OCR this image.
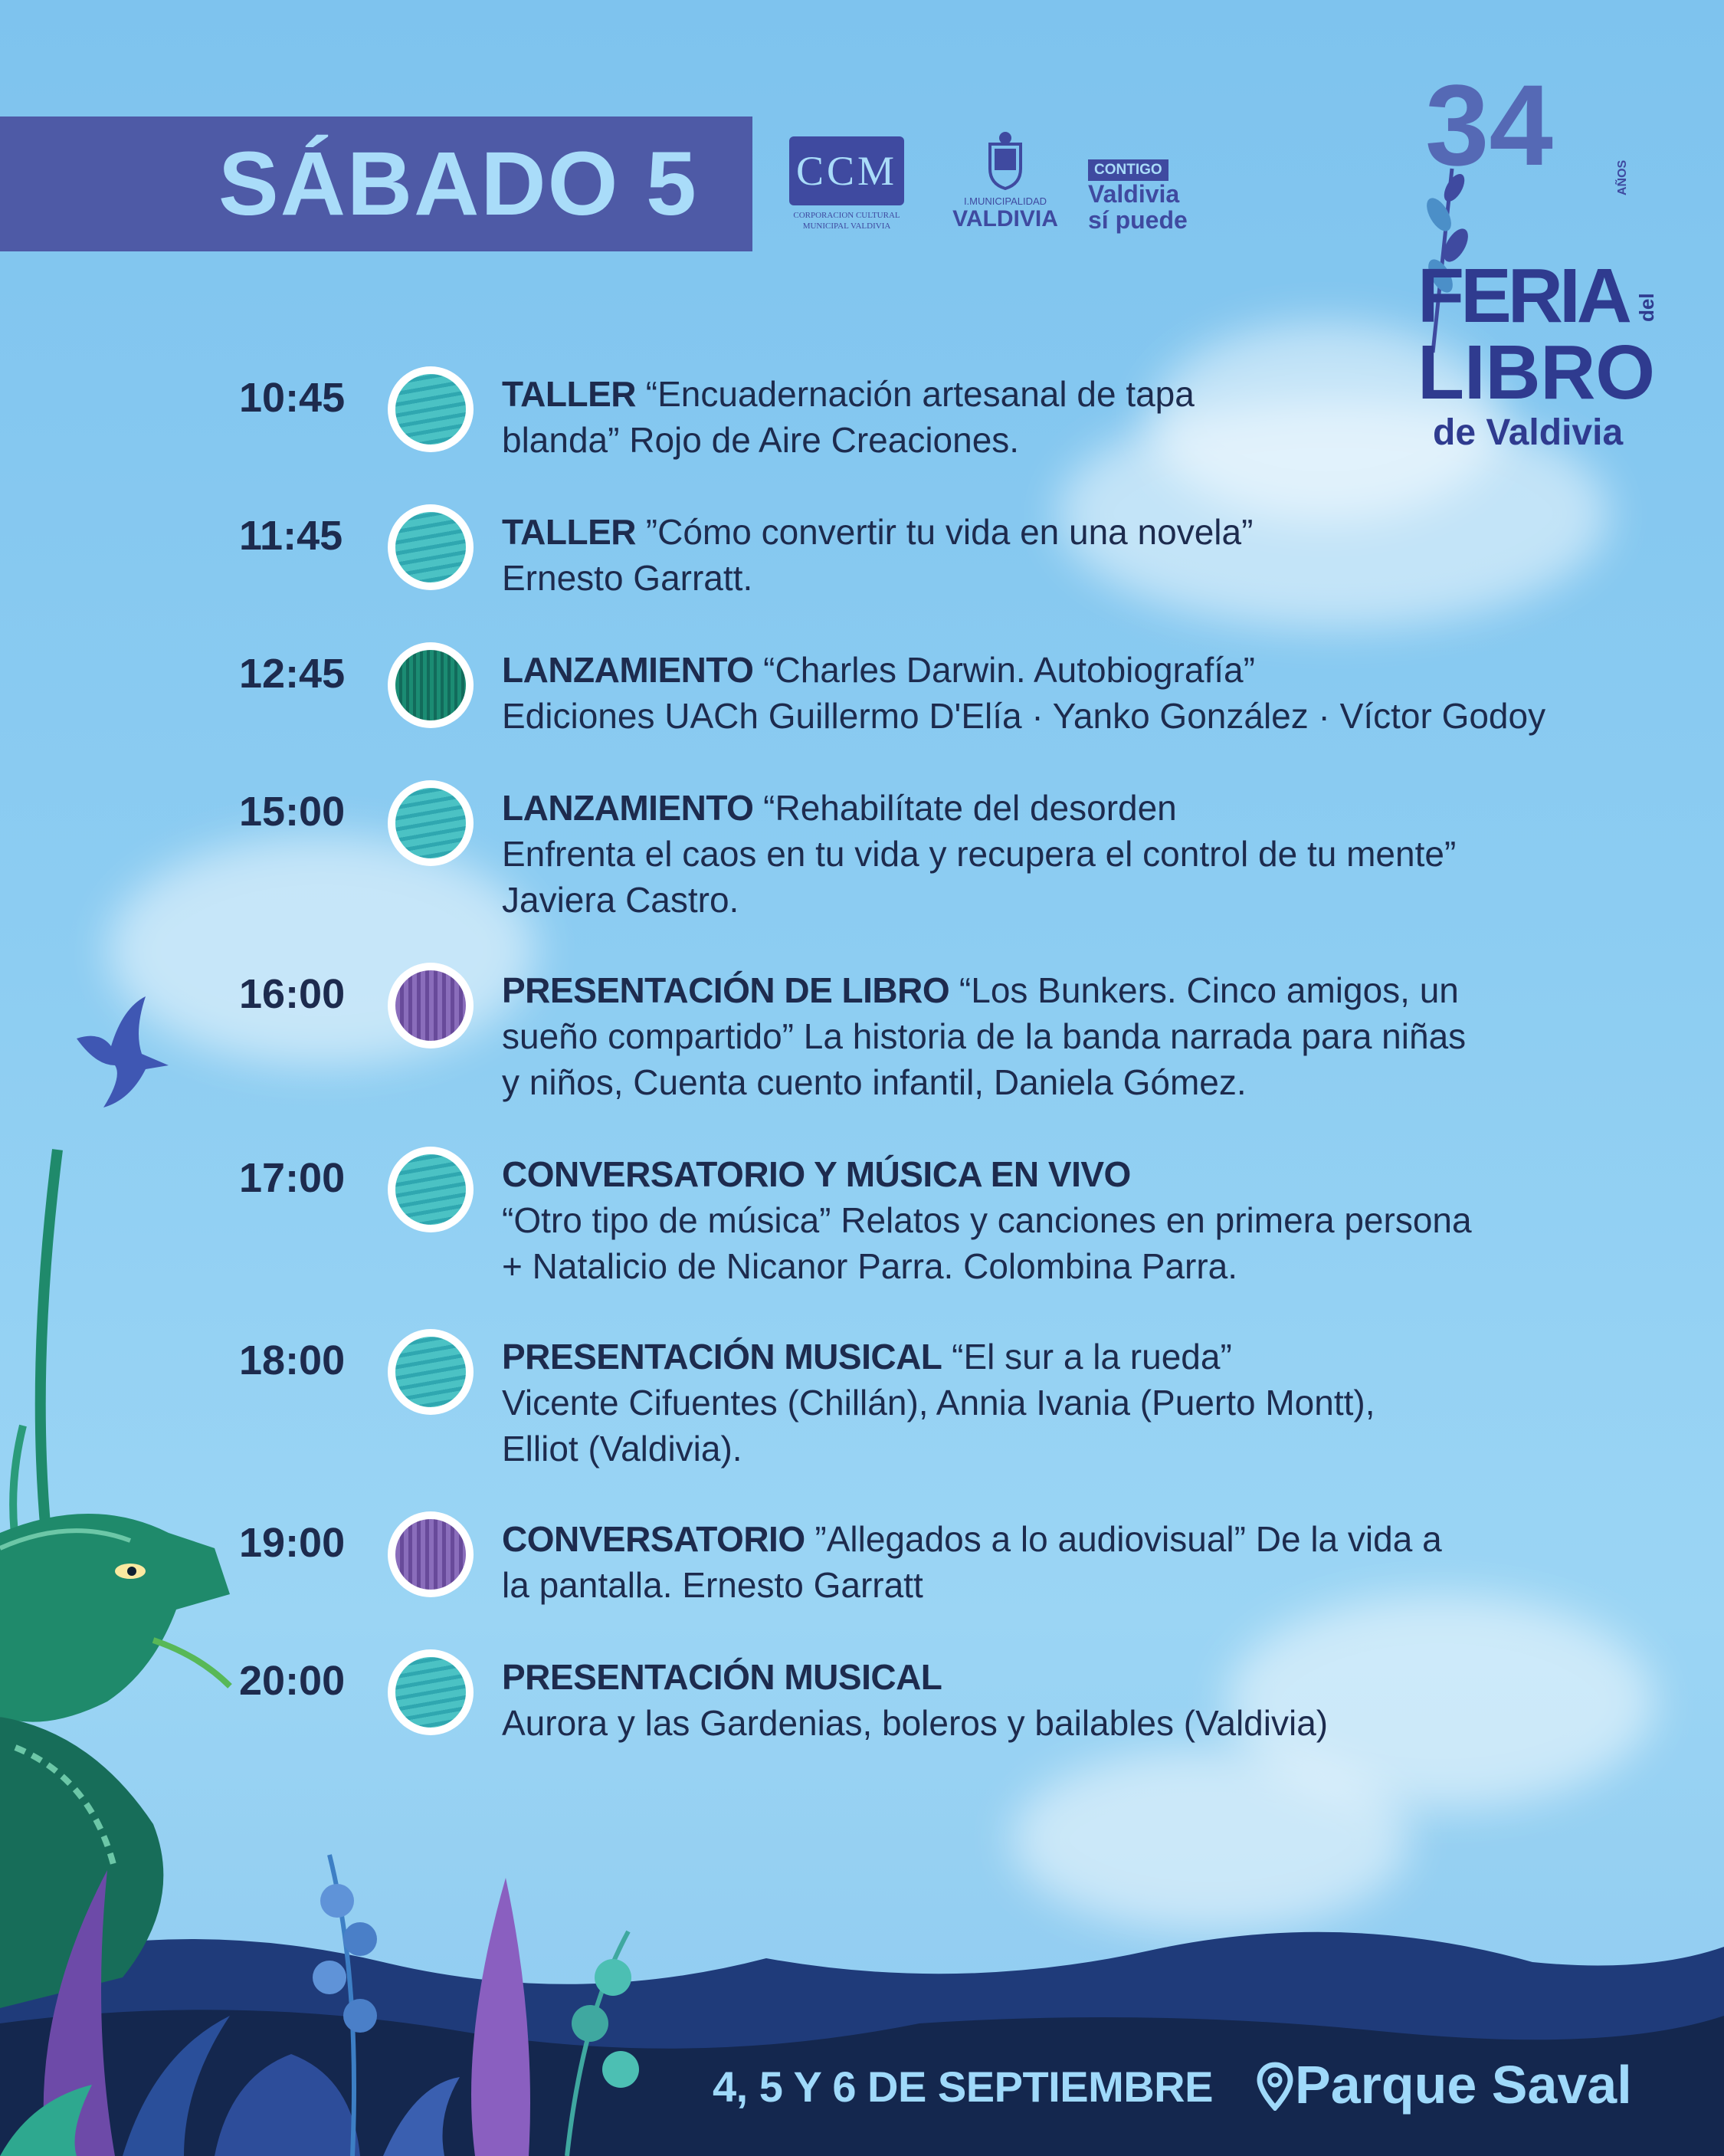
SÁBADO 5 CCM
CORPORACION CULTURAL
MUNICIPAL VALDIVIA
I.MUNICIPALIDAD
VALDIVIA
CONTIGO
Valdivia
sí puede
34	AÑOS
FERIA del
LIBRO
de Valdivia
10:45	TALLER “Encuadernación artesanal de tapa
blanda” Rojo de Aire Creaciones.
11:45	TALLER ”Cómo convertir tu vida en una novela”
Ernesto Garratt.
12:45	LANZAMIENTO “Charles Darwin. Autobiografía”
Ediciones UACh Guillermo D'Elía · Yanko González · Víctor Godoy
15:00	LANZAMIENTO “Rehabilítate del desorden
Enfrenta el caos en tu vida y recupera el control de tu mente”
Javiera Castro.
16:00	PRESENTACIÓN DE LIBRO “Los Bunkers. Cinco amigos, un
sueño compartido” La historia de la banda narrada para niñas
y niños, Cuenta cuento infantil, Daniela Gómez.
17:00	CONVERSATORIO Y MÚSICA EN VIVO
“Otro tipo de música” Relatos y canciones en primera persona
+ Natalicio de Nicanor Parra. Colombina Parra.
18:00	PRESENTACIÓN MUSICAL “El sur a la rueda”
Vicente Cifuentes (Chillán), Annia Ivania (Puerto Montt),
Elliot (Valdivia).
19:00	CONVERSATORIO ”Allegados a lo audiovisual” De la vida a
la pantalla. Ernesto Garratt
20:00	PRESENTACIÓN MUSICAL
Aurora y las Gardenias, boleros y bailables (Valdivia)
4, 5 Y 6 DE SEPTIEMBRE Parque Saval
